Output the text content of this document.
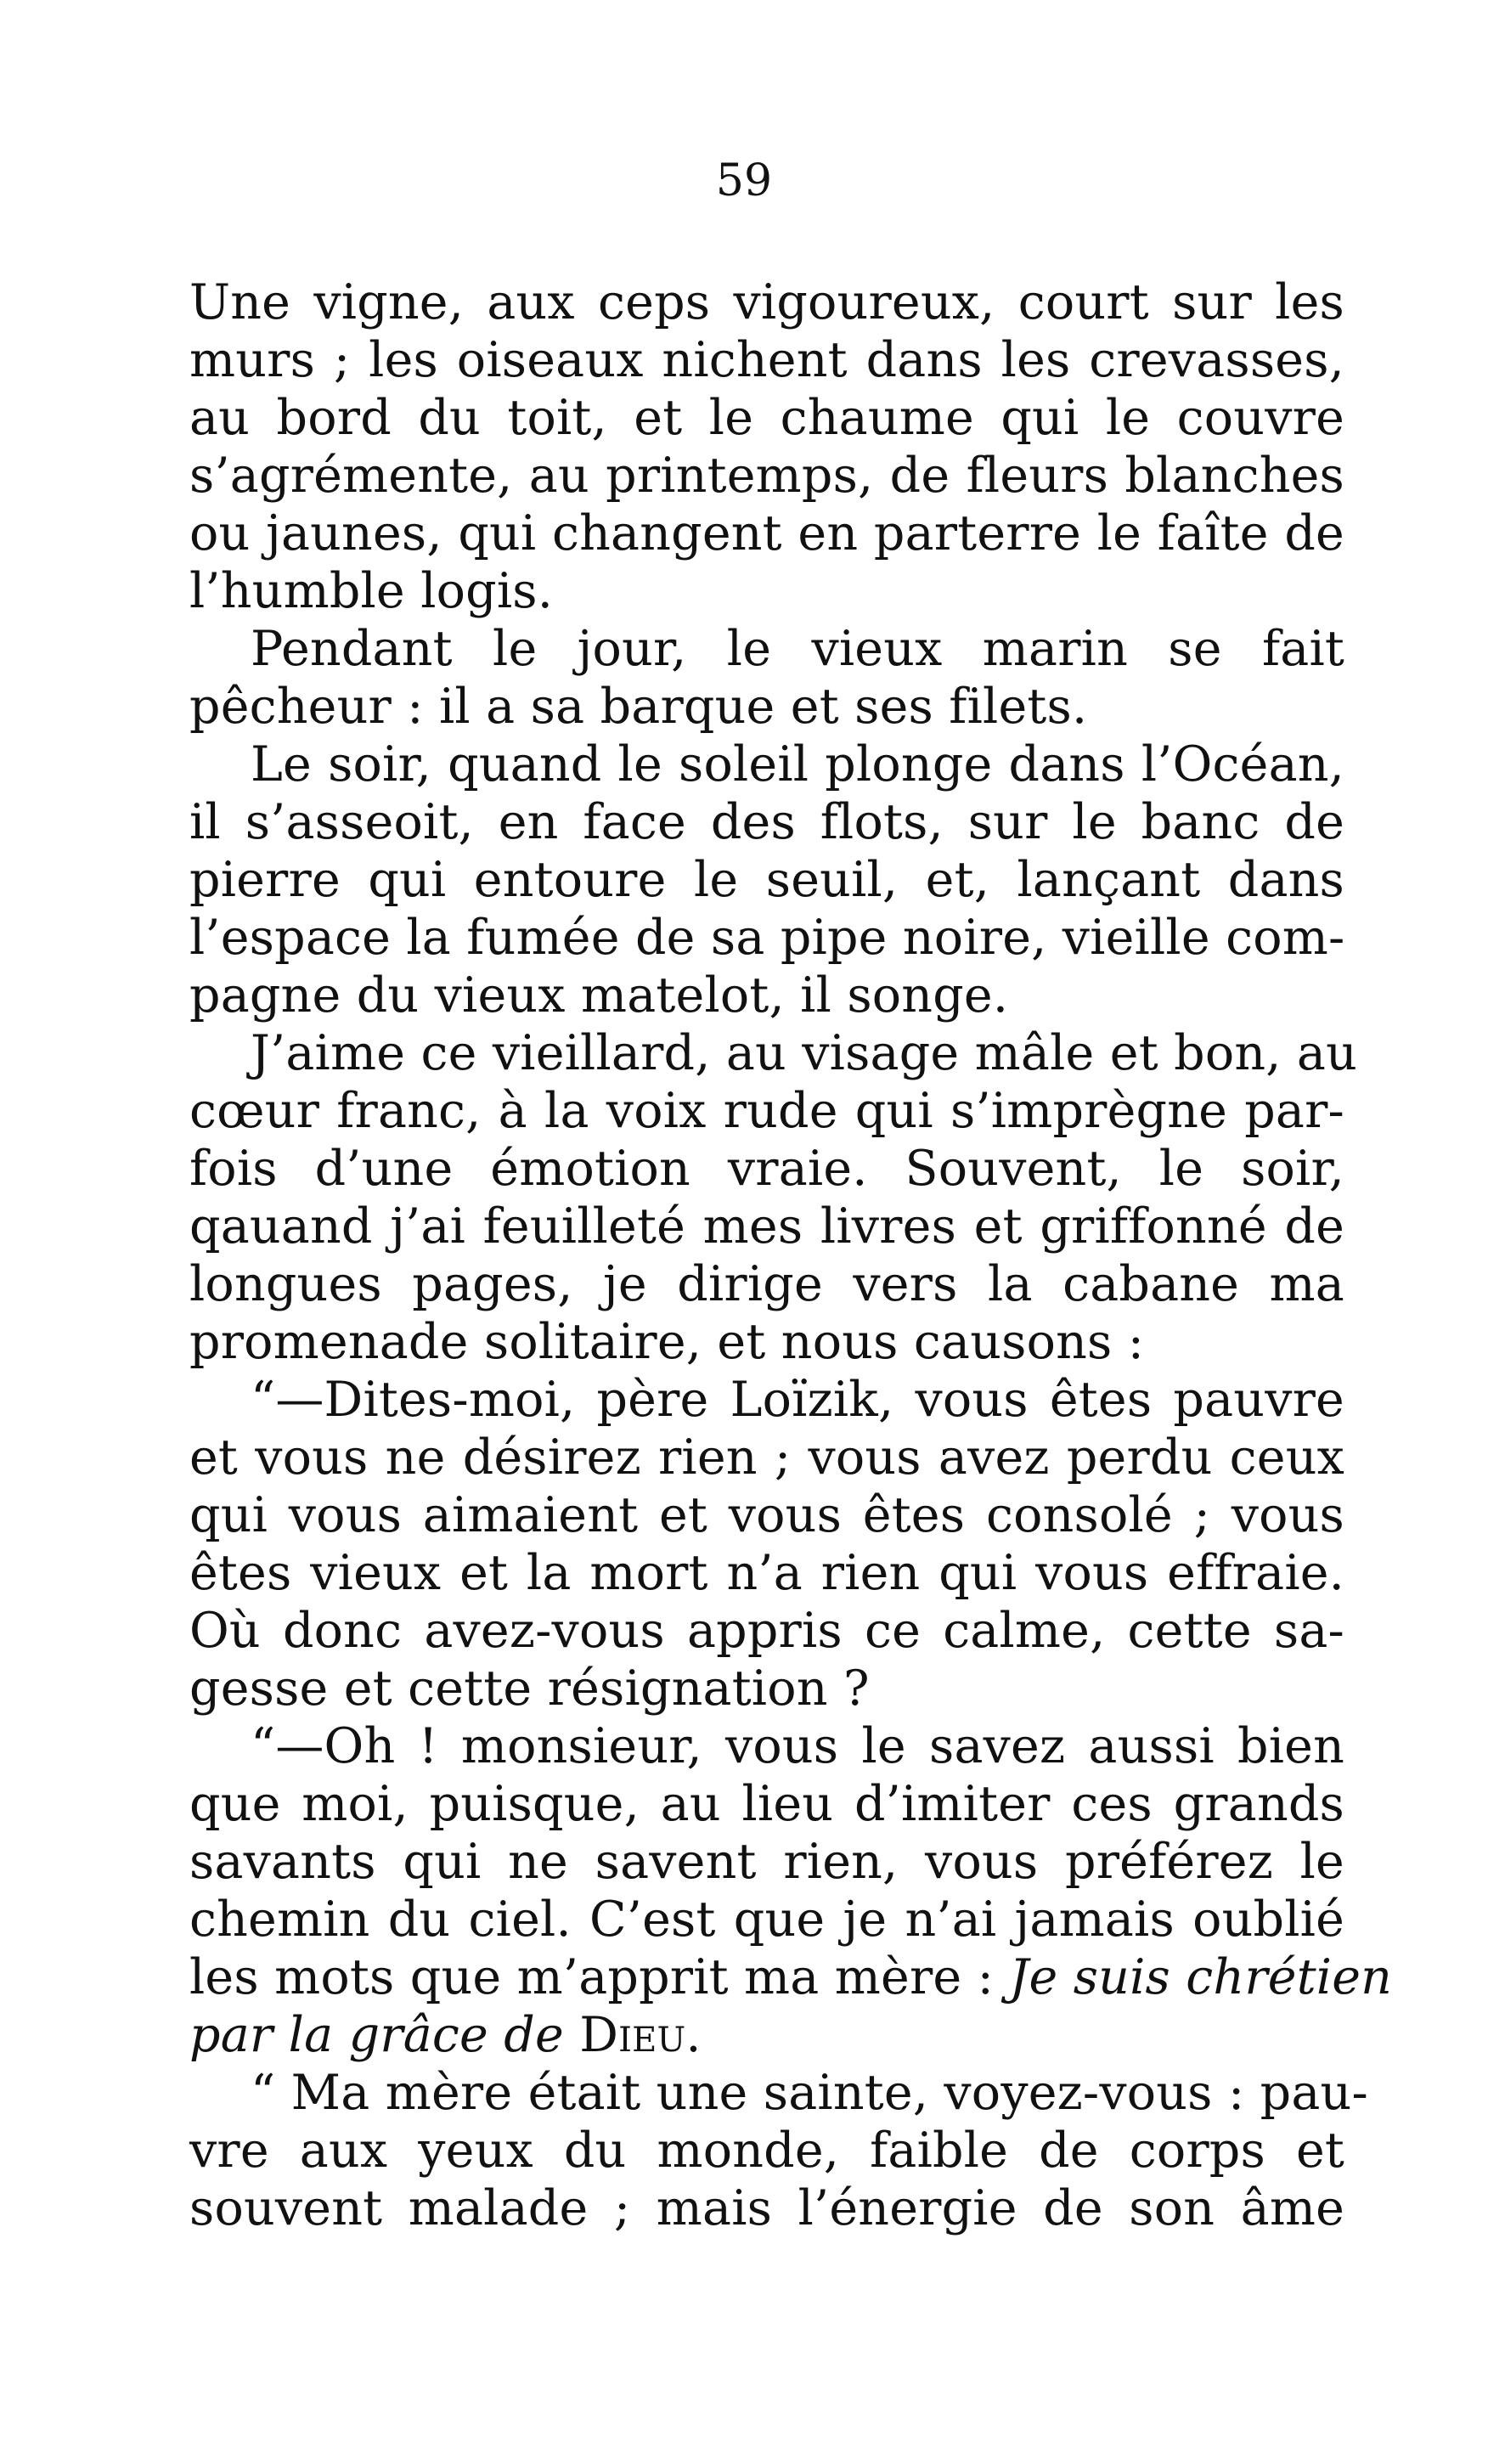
59
Une vigne, aux ceps vigoureux, court sur les
murs ; les oiseaux nichent dans les crevasses,
au bord du toit, et le chaume qui le couvre
s’agrémente, au printemps, de fleurs blanches
ou jaunes, qui changent en parterre le faîte de
l’humble logis.
Pendant le jour, le vieux marin se fait
pêcheur : il a sa barque et ses filets.
Le soir, quand le soleil plonge dans l’Océan,
il s’asseoit, en face des flots, sur le banc de
pierre qui entoure le seuil, et, lançant dans
l’espace la fumée de sa pipe noire, vieille com-
pagne du vieux matelot, il songe.
J’aime ce vieillard, au visage mâle et bon, au
cœur franc, à la voix rude qui s’imprègne par-
fois d’une émotion vraie. Souvent, le soir,
qauand j’ai feuilleté mes livres et griffonné de
longues pages, je dirige vers la cabane ma
promenade solitaire, et nous causons :
“—Dites-moi, père Loïzik, vous êtes pauvre
et vous ne désirez rien ; vous avez perdu ceux
qui vous aimaient et vous êtes consolé ; vous
êtes vieux et la mort n’a rien qui vous effraie.
Où donc avez-vous appris ce calme, cette sa-
gesse et cette résignation ?
“—Oh ! monsieur, vous le savez aussi bien
que moi, puisque, au lieu d’imiter ces grands
savants qui ne savent rien, vous préférez le
chemin du ciel. C’est que je n’ai jamais oublié
les mots que m’apprit ma mère : Je suis chrétien
par la grâce de Dieu.
“ Ma mère était une sainte, voyez-vous : pau-
vre aux yeux du monde, faible de corps et
souvent malade ; mais l’énergie de son âme
